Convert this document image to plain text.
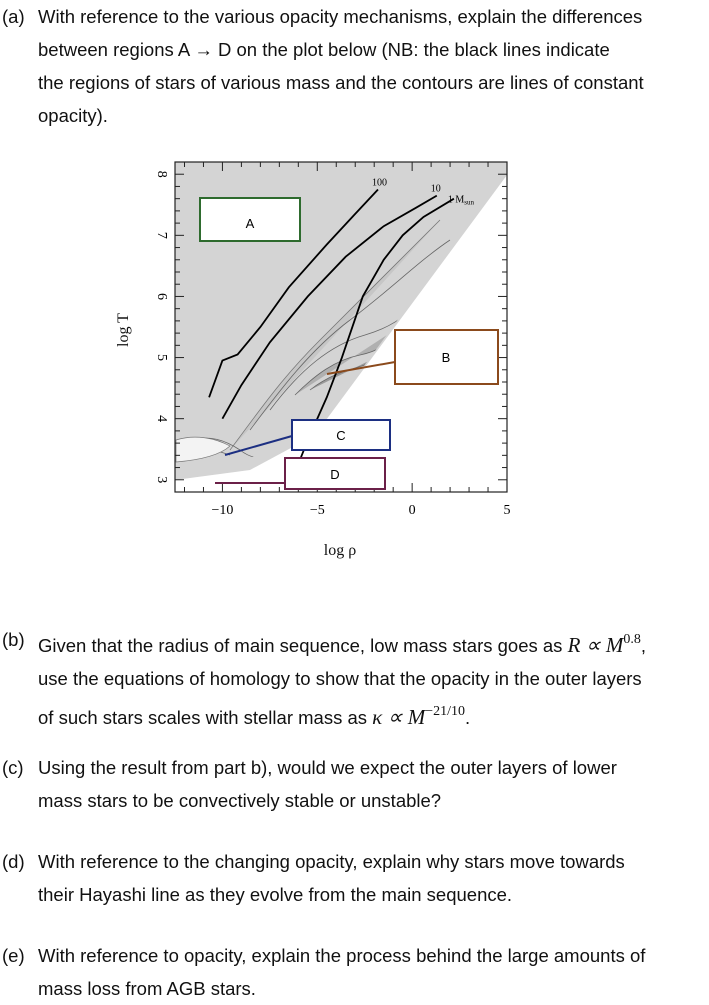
(a) With reference to the various opacity mechanisms, explain the differences
between regions A → D on the plot below (NB: the black lines indicate
the regions of stars of various mass and the contours are lines of constant
opacity).
−10	−5	0	5
3
4
5
6
7
8
100
10
1 $M_{sun}$
A
B
C
D
log ρ
log T
(b) Given that the radius of main sequence, low mass stars goes as $R \propto M^{0.8}$,
use the equations of homology to show that the opacity in the outer layers
of such stars scales with stellar mass as $\kappa \propto M^{-21/10}$.
(c) Using the result from part b), would we expect the outer layers of lower
mass stars to be convectively stable or unstable?
(d) With reference to the changing opacity, explain why stars move towards
their Hayashi line as they evolve from the main sequence.
(e) With reference to opacity, explain the process behind the large amounts of
mass loss from AGB stars.
